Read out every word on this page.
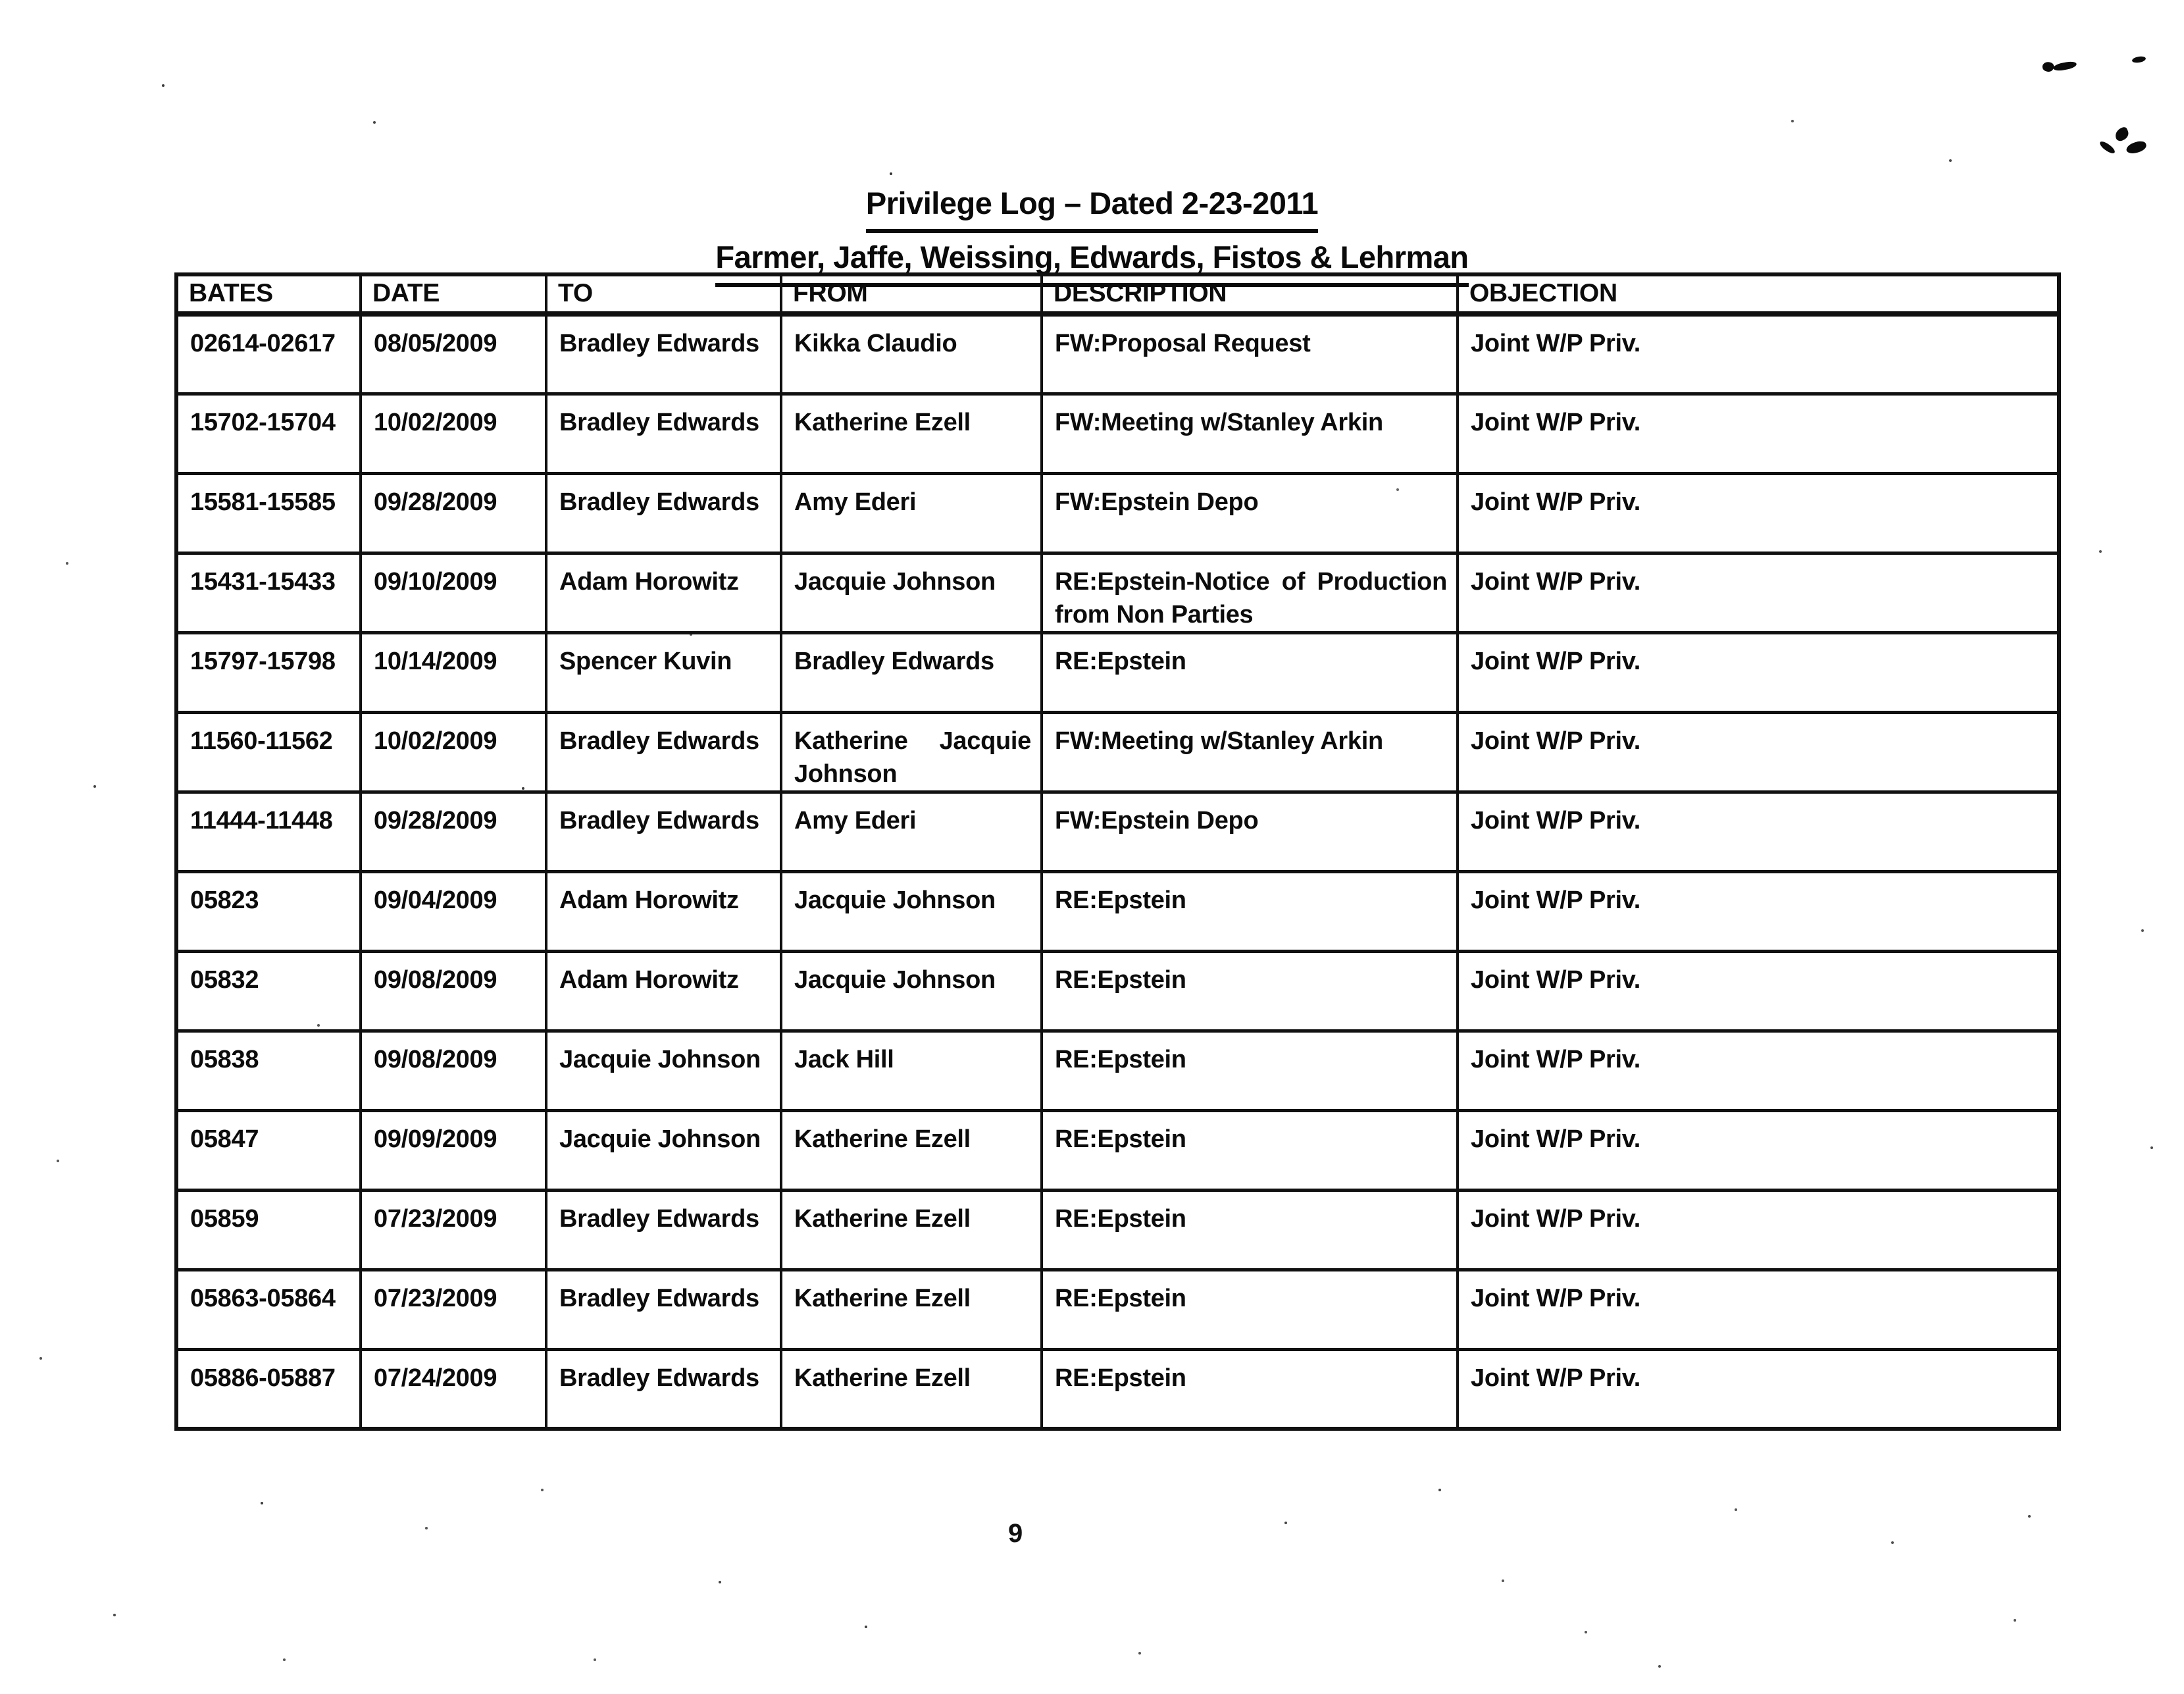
Privilege Log – Dated 2-23-2011
Farmer, Jaffe, Weissing, Edwards, Fistos & Lehrman
BATES	DATE	TO	FROM	DESCRIPTION	OBJECTION
02614-02617	08/05/2009	Bradley Edwards	Kikka Claudio	FW:Proposal Request	Joint W/P Priv.
15702-15704	10/02/2009	Bradley Edwards	Katherine Ezell	FW:Meeting w/Stanley Arkin	Joint W/P Priv.
15581-15585	09/28/2009	Bradley Edwards	Amy Ederi	FW:Epstein Depo	Joint W/P Priv.
15431-15433	09/10/2009	Adam Horowitz	Jacquie Johnson	RE:Epstein-Notice of Production from Non Parties	Joint W/P Priv.
15797-15798	10/14/2009	Spencer Kuvin	Bradley Edwards	RE:Epstein	Joint W/P Priv.
11560-11562	10/02/2009	Bradley Edwards	Katherine Jacquie Johnson	FW:Meeting w/Stanley Arkin	Joint W/P Priv.
11444-11448	09/28/2009	Bradley Edwards	Amy Ederi	FW:Epstein Depo	Joint W/P Priv.
05823	09/04/2009	Adam Horowitz	Jacquie Johnson	RE:Epstein	Joint W/P Priv.
05832	09/08/2009	Adam Horowitz	Jacquie Johnson	RE:Epstein	Joint W/P Priv.
05838	09/08/2009	Jacquie Johnson	Jack Hill	RE:Epstein	Joint W/P Priv.
05847	09/09/2009	Jacquie Johnson	Katherine Ezell	RE:Epstein	Joint W/P Priv.
05859	07/23/2009	Bradley Edwards	Katherine Ezell	RE:Epstein	Joint W/P Priv.
05863-05864	07/23/2009	Bradley Edwards	Katherine Ezell	RE:Epstein	Joint W/P Priv.
05886-05887	07/24/2009	Bradley Edwards	Katherine Ezell	RE:Epstein	Joint W/P Priv.
9
